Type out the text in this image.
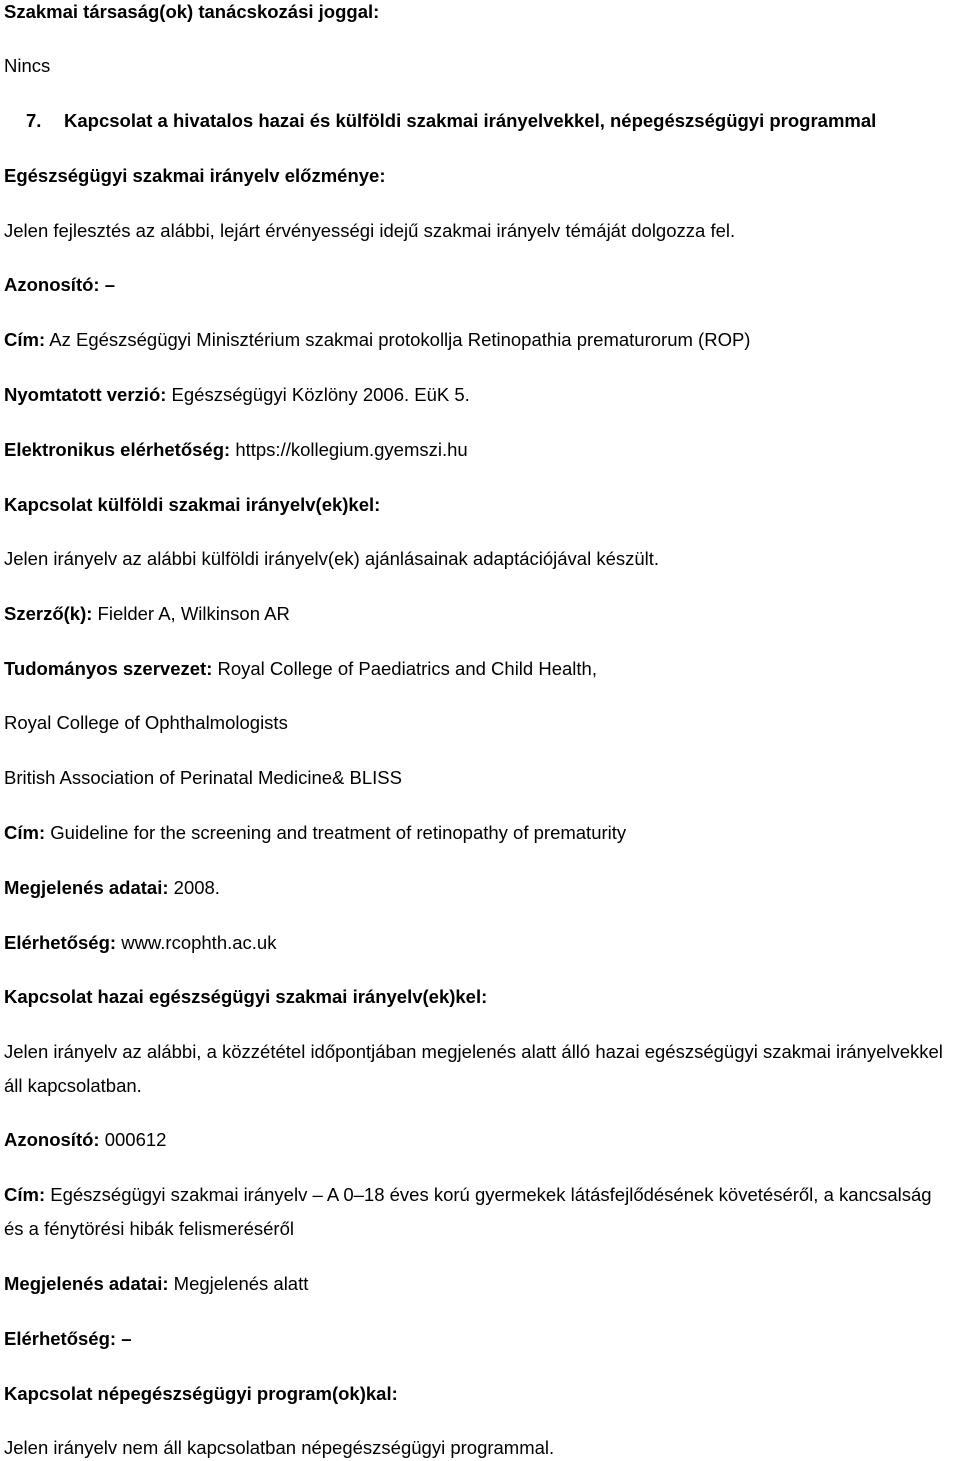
Szakmai társaság(ok) tanácskozási joggal:
Nincs
7. Kapcsolat a hivatalos hazai és külföldi szakmai irányelvekkel, népegészségügyi programmal
Egészségügyi szakmai irányelv előzménye:
Jelen fejlesztés az alábbi, lejárt érvényességi idejű szakmai irányelv témáját dolgozza fel.
Azonosító: –
Cím: Az Egészségügyi Minisztérium szakmai protokollja Retinopathia prematurorum (ROP)
Nyomtatott verzió: Egészségügyi Közlöny 2006. EüK 5.
Elektronikus elérhetőség: https://kollegium.gyemszi.hu
Kapcsolat külföldi szakmai irányelv(ek)kel:
Jelen irányelv az alábbi külföldi irányelv(ek) ajánlásainak adaptációjával készült.
Szerző(k): Fielder A, Wilkinson AR
Tudományos szervezet: Royal College of Paediatrics and Child Health,
Royal College of Ophthalmologists
British Association of Perinatal Medicine& BLISS
Cím: Guideline for the screening and treatment of retinopathy of prematurity
Megjelenés adatai: 2008.
Elérhetőség: www.rcophth.ac.uk
Kapcsolat hazai egészségügyi szakmai irányelv(ek)kel:
Jelen irányelv az alábbi, a közzététel időpontjában megjelenés alatt álló hazai egészségügyi szakmai irányelvekkel áll kapcsolatban.
Azonosító: 000612
Cím: Egészségügyi szakmai irányelv – A 0–18 éves korú gyermekek látásfejlődésének követéséről, a kancsalság és a fénytörési hibák felismeréséről
Megjelenés adatai: Megjelenés alatt
Elérhetőség: –
Kapcsolat népegészségügyi program(ok)kal:
Jelen irányelv nem áll kapcsolatban népegészségügyi programmal.
